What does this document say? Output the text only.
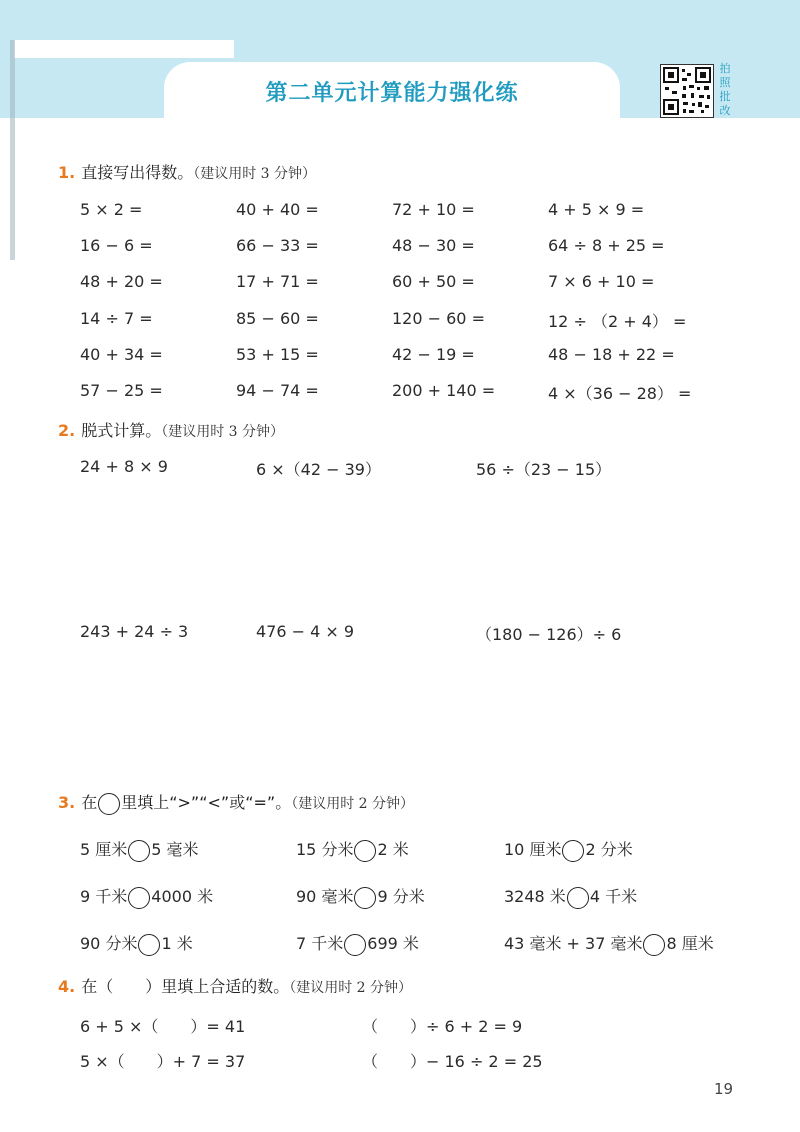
第二单元计算能力强化练
拍
照
批
改
1. 直接写出得数。（建议用时 3 分钟）
5 × 2 =	40 + 40 =	72 + 10 =	4 + 5 × 9 =
16 − 6 =	66 − 33 =	48 − 30 =	64 ÷ 8 + 25 =
48 + 20 =	17 + 71 =	60 + 50 =	7 × 6 + 10 =
14 ÷ 7 =	85 − 60 =	120 − 60 =	12 ÷ （2 + 4） =
40 + 34 =	53 + 15 =	42 − 19 =	48 − 18 + 22 =
57 − 25 =	94 − 74 =	200 + 140 =	4 ×（36 − 28） =
2. 脱式计算。（建议用时 3 分钟）
24 + 8 × 9	6 ×（42 − 39）	56 ÷（23 − 15）
243 + 24 ÷ 3	476 − 4 × 9	（180 − 126）÷ 6
3. 在 里填上“>”“<”或“=”。（建议用时 2 分钟）
5 厘米 5 毫米	15 分米 2 米	10 厘米 2 分米
9 千米 4000 米	90 毫米 9 分米	3248 米 4 千米
90 分米 1 米	7 千米 699 米	43 毫米 + 37 毫米 8 厘米
4. 在（　　）里填上合适的数。（建议用时 2 分钟）
6 + 5 ×（　　）= 41	（　　）÷ 6 + 2 = 9
5 ×（　　）+ 7 = 37	（　　）− 16 ÷ 2 = 25
19
